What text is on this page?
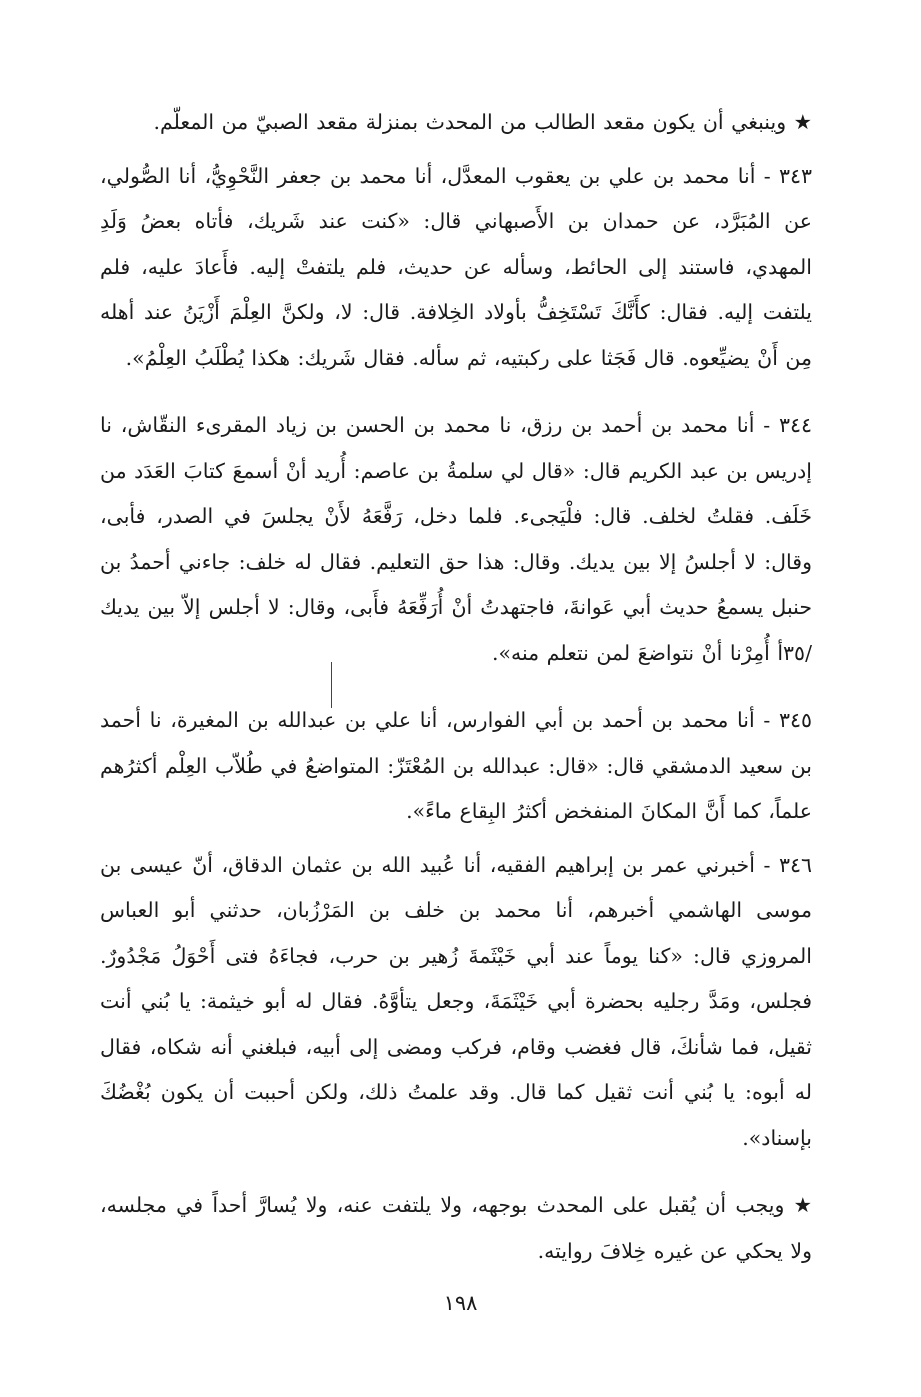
★ وينبغي أن يكون مقعد الطالب من المحدث بمنزلة مقعد الصبيّ من المعلّم.

٣٤٣ - أنا محمد بن علي بن يعقوب المعدَّل، أنا محمد بن جعفر النَّحْوِيُّ، أنا الصُّولي، عن المُبَرَّد، عن حمدان بن الأَصبهاني قال: «كنت عند شَريك، فأتاه بعضُ وَلَدِ المهدي، فاستند إلى الحائط، وسأله عن حديث، فلم يلتفتْ إليه. فأَعادَ عليه، فلم يلتفت إليه. فقال: كأَنَّكَ تَسْتَخِفُّ بأولاد الخِلافة. قال: لا، ولكنَّ العِلْمَ أَزْيَنُ عند أهله مِن أَنْ يضيِّعوه. قال فَجَثا على ركبتيه، ثم سأله. فقال شَريك: هكذا يُطْلَبُ العِلْمُ».

٣٤٤ - أنا محمد بن أحمد بن رزق، نا محمد بن الحسن بن زياد المقرىء النقّاش، نا إدريس بن عبد الكريم قال: «قال لي سلمةُ بن عاصم: أُريد أنْ أسمعَ كتابَ العَدَد من خَلَف. فقلتُ لخلف. قال: فلْيَجىء. فلما دخل، رَفَّعَهُ لأَنْ يجلسَ في الصدر، فأبى، وقال: لا أجلسُ إلا بين يديك. وقال: هذا حق التعليم. فقال له خلف: جاءني أحمدُ بن حنبل يسمعُ حديث أبي عَوانةَ، فاجتهدتُ أنْ أُرَفِّعَهُ فأَبى، وقال: لا أجلس إلاّ بين يديك /٣٥أ أُمِرْنا أنْ نتواضعَ لمن نتعلم منه».

٣٤٥ - أنا محمد بن أحمد بن أبي الفوارس، أنا علي بن عبدالله بن المغيرة، نا أحمد بن سعيد الدمشقي قال: «قال: عبدالله بن المُعْتَزّ: المتواضعُ في طُلاّب العِلْم أكثرُهم علماً، كما أَنَّ المكانَ المنفخض أكثرُ البِقاع ماءً».

٣٤٦ - أخبرني عمر بن إبراهيم الفقيه، أنا عُبيد الله بن عثمان الدقاق، أنّ عيسى بن موسى الهاشمي أخبرهم، أنا محمد بن خلف بن المَرْزُبان، حدثني أبو العباس المروزي قال: «كنا يوماً عند أبي خَيْثَمةَ زُهير بن حرب، فجاءَهُ فتى أَحْوَلُ مَجْدُورٌ. فجلس، ومَدَّ رجليه بحضرة أبي خَيْثَمَةَ، وجعل يتأوَّهُ. فقال له أبو خيثمة: يا بُني أنت ثقيل، فما شأنكَ، قال فغضب وقام، فركب ومضى إلى أبيه، فبلغني أنه شكاه، فقال له أبوه: يا بُني أنت ثقيل كما قال. وقد علمتُ ذلك، ولكن أحببت أن يكون بُغْضُكَ بإسناد».

★ ويجب أن يُقبل على المحدث بوجهه، ولا يلتفت عنه، ولا يُسارَّ أحداً في مجلسه، ولا يحكي عن غيره خِلافَ روايته.

١٩٨
